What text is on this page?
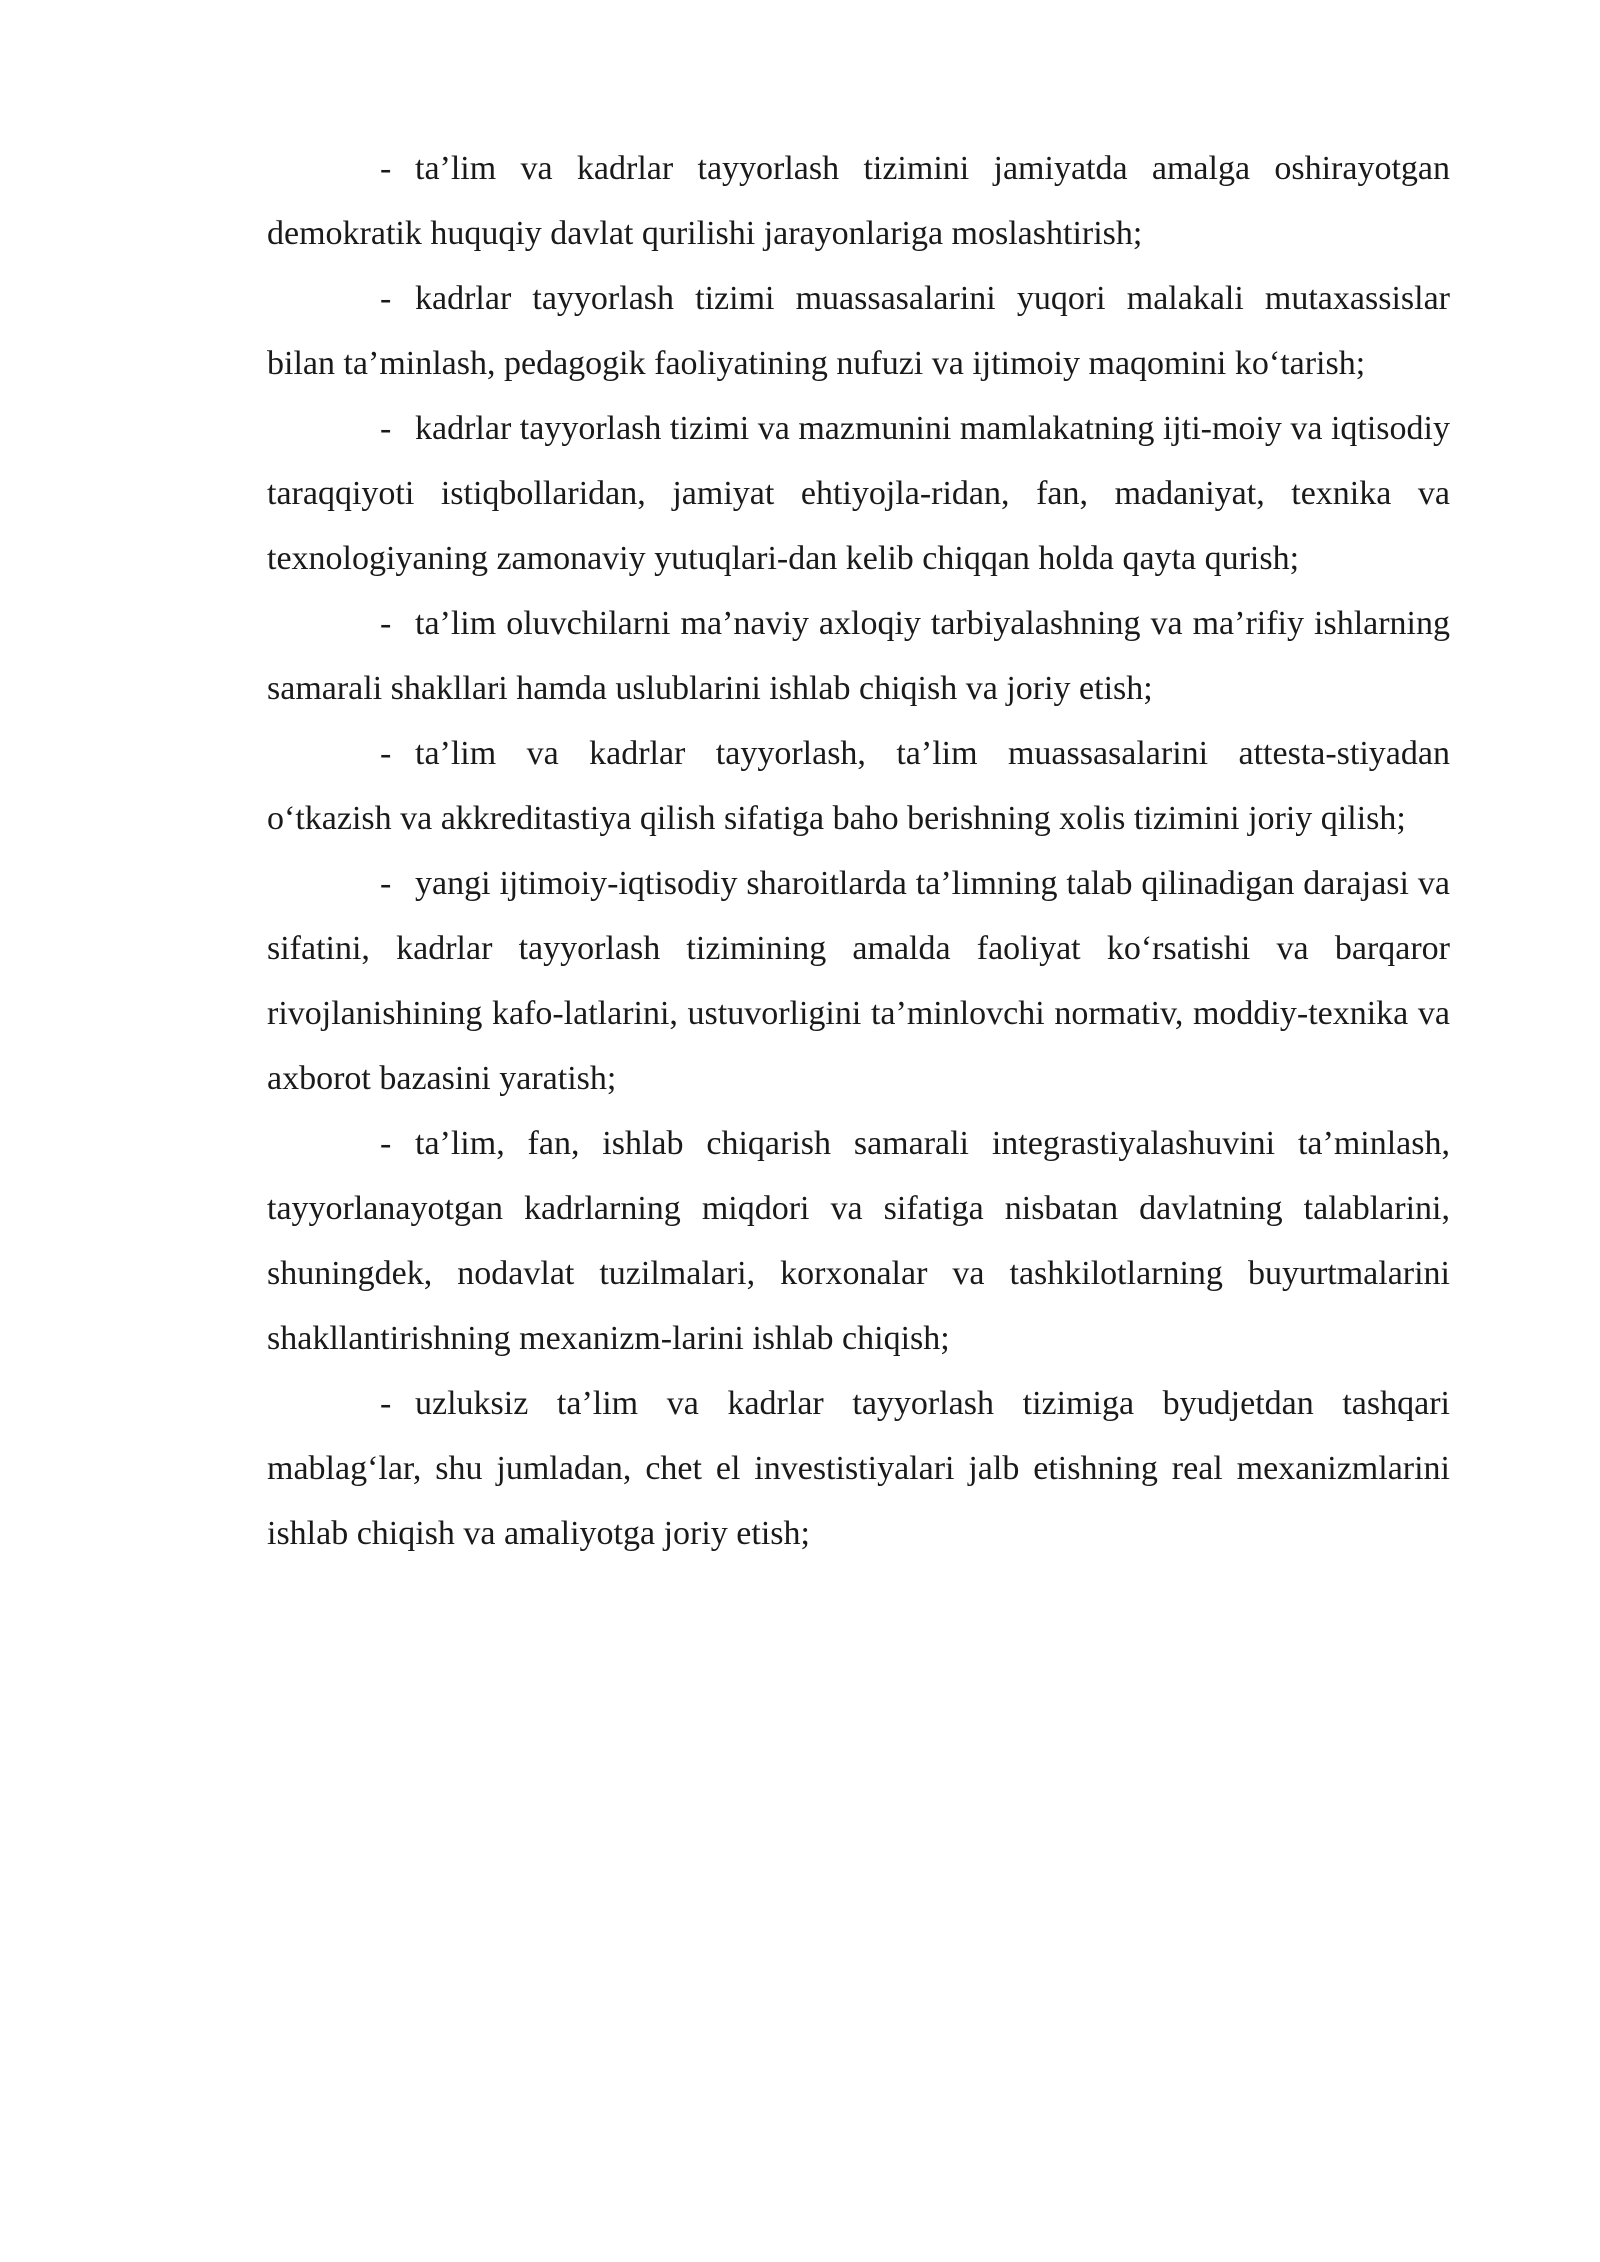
- ta’lim va kadrlar tayyorlash tizimini jamiyatda amalga oshirayotgan demokratik huquqiy davlat qurilishi jarayonlariga moslashtirish;

- kadrlar tayyorlash tizimi muassasalarini yuqori malakali mutaxassislar bilan ta’minlash, pedagogik faoliyatining nufuzi va ijtimoiy maqomini ko‘tarish;

- kadrlar tayyorlash tizimi va mazmunini mamlakatning ijti-moiy va iqtisodiy taraqqiyoti istiqbollaridan, jamiyat ehtiyojla-ridan, fan, madaniyat, texnika va texnologiyaning zamonaviy yutuqlari-dan kelib chiqqan holda qayta qurish;

- ta’lim oluvchilarni ma’naviy axloqiy tarbiyalashning va ma’rifiy ishlarning samarali shakllari hamda uslublarini ishlab chiqish va joriy etish;

- ta’lim va kadrlar tayyorlash, ta’lim muassasalarini attesta-stiyadan o‘tkazish va akkreditastiya qilish sifatiga baho berishning xolis tizimini joriy qilish;

- yangi ijtimoiy-iqtisodiy sharoitlarda ta’limning talab qilinadigan darajasi va sifatini, kadrlar tayyorlash tizimining amalda faoliyat ko‘rsatishi va barqaror rivojlanishining kafo-latlarini, ustuvorligini ta’minlovchi normativ, moddiy-texnika va axborot bazasini yaratish;

- ta’lim, fan, ishlab chiqarish samarali integrastiyalashuvini ta’minlash, tayyorlanayotgan kadrlarning miqdori va sifatiga nisbatan davlatning talablarini, shuningdek, nodavlat tuzilmalari, korxonalar va tashkilotlarning buyurtmalarini shakllantirishning mexanizm-larini ishlab chiqish;

- uzluksiz ta’lim va kadrlar tayyorlash tizimiga byudjetdan tashqari mablag‘lar, shu jumladan, chet el investistiyalari jalb etishning real mexanizmlarini ishlab chiqish va amaliyotga joriy etish;
